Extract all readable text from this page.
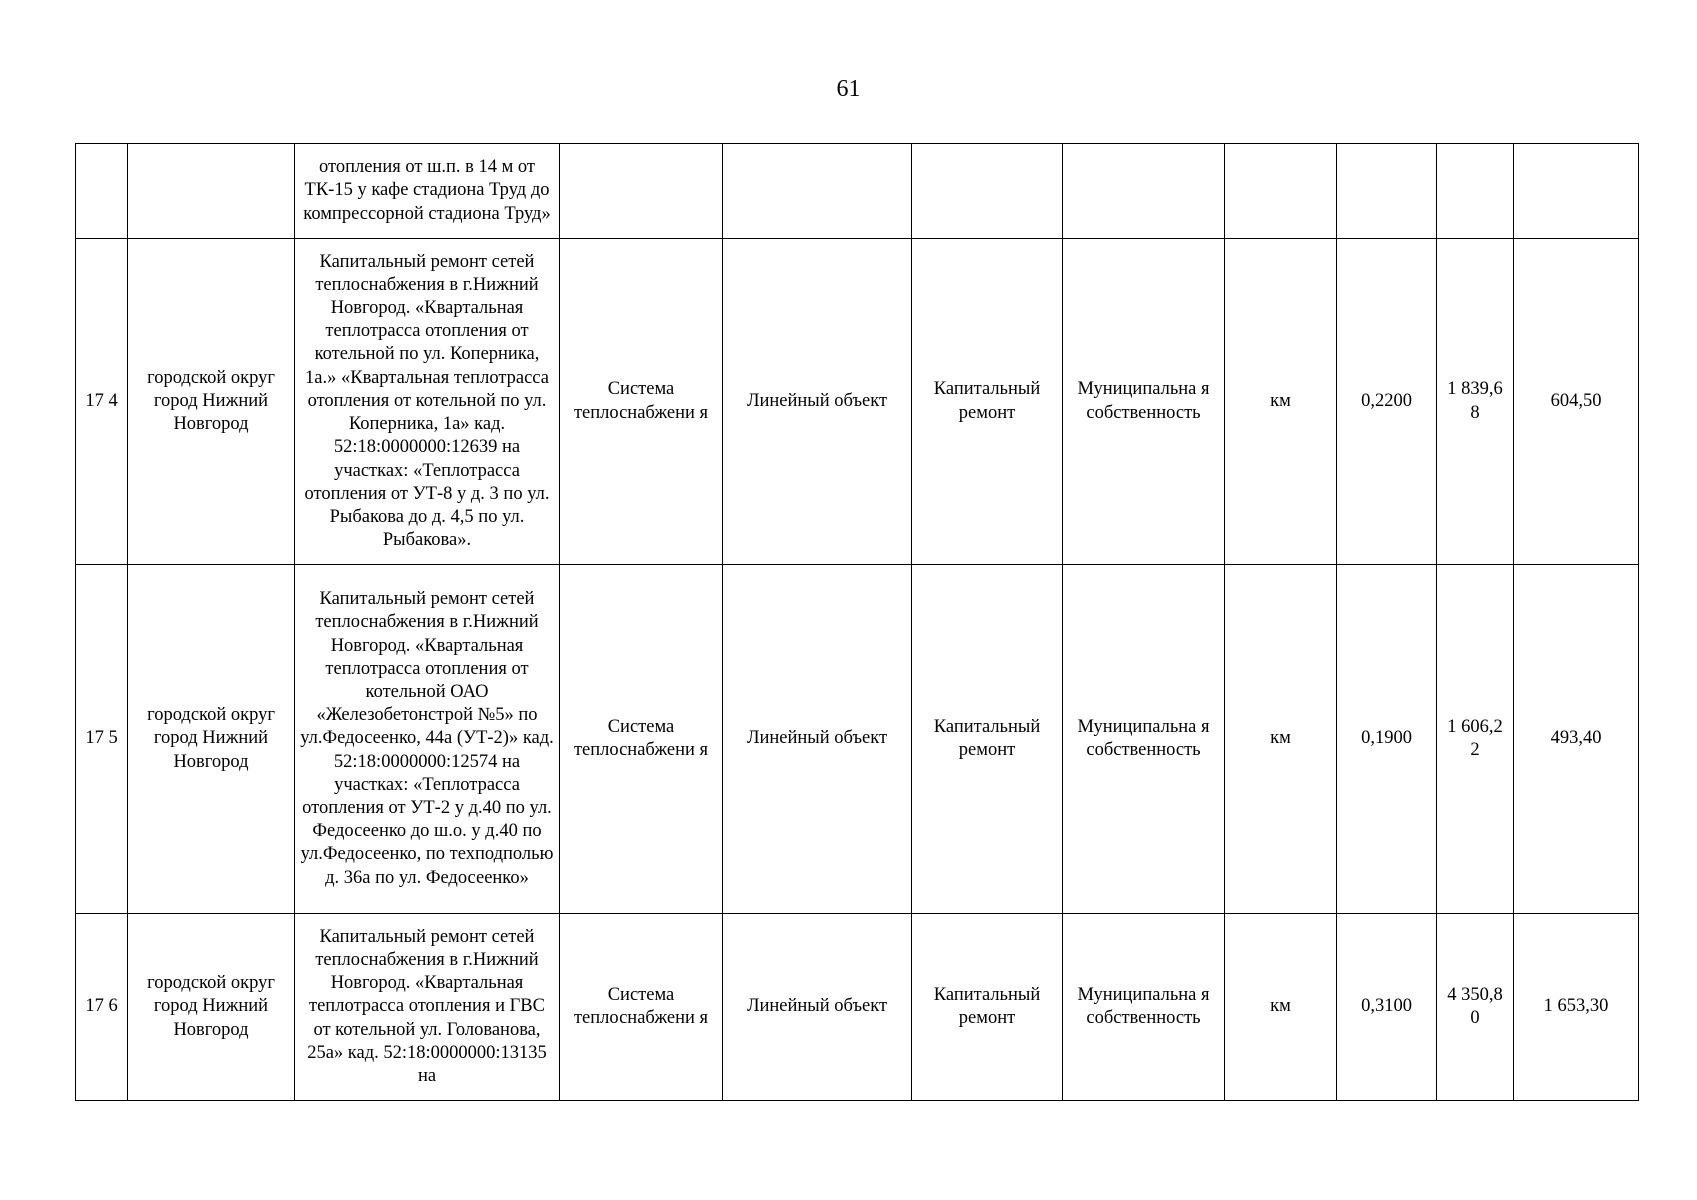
61

		отопления от ш.п. в 14 м от ТК-15 у кафе стадиона Труд до компрессорной стадиона Труд»								

17 4	городской округ город Нижний Новгород	Капитальный ремонт сетей теплоснабжения в г.Нижний Новгород. «Квартальная теплотрасса отопления от котельной по ул. Коперника, 1а.» «Квартальная теплотрасса отопления от котельной по ул. Коперника, 1а» кад. 52:18:0000000:12639 на участках: «Теплотрасса отопления от УТ-8 у д. 3 по ул. Рыбакова до д. 4,5 по ул. Рыбакова».	Система теплоснабжени я	Линейный объект	Капитальный ремонт	Муниципальна я собственность	км	0,2200	1 839,6 8	604,50

17 5	городской округ город Нижний Новгород	Капитальный ремонт сетей теплоснабжения в г.Нижний Новгород. «Квартальная теплотрасса отопления от котельной ОАО «Железобетонстрой №5» по ул.Федосеенко, 44а (УТ-2)» кад. 52:18:0000000:12574 на участках: «Теплотрасса отопления от УТ-2 у д.40 по ул. Федосеенко до ш.о. у д.40 по ул.Федосеенко, по техподполью д. 36а по ул. Федосеенко»	Система теплоснабжени я	Линейный объект	Капитальный ремонт	Муниципальна я собственность	км	0,1900	1 606,2 2	493,40

17 6	городской округ город Нижний Новгород	Капитальный ремонт сетей теплоснабжения в г.Нижний Новгород. «Квартальная теплотрасса отопления и ГВС от котельной ул. Голованова, 25а» кад. 52:18:0000000:13135 на	Система теплоснабжени я	Линейный объект	Капитальный ремонт	Муниципальна я собственность	км	0,3100	4 350,8 0	1 653,30
